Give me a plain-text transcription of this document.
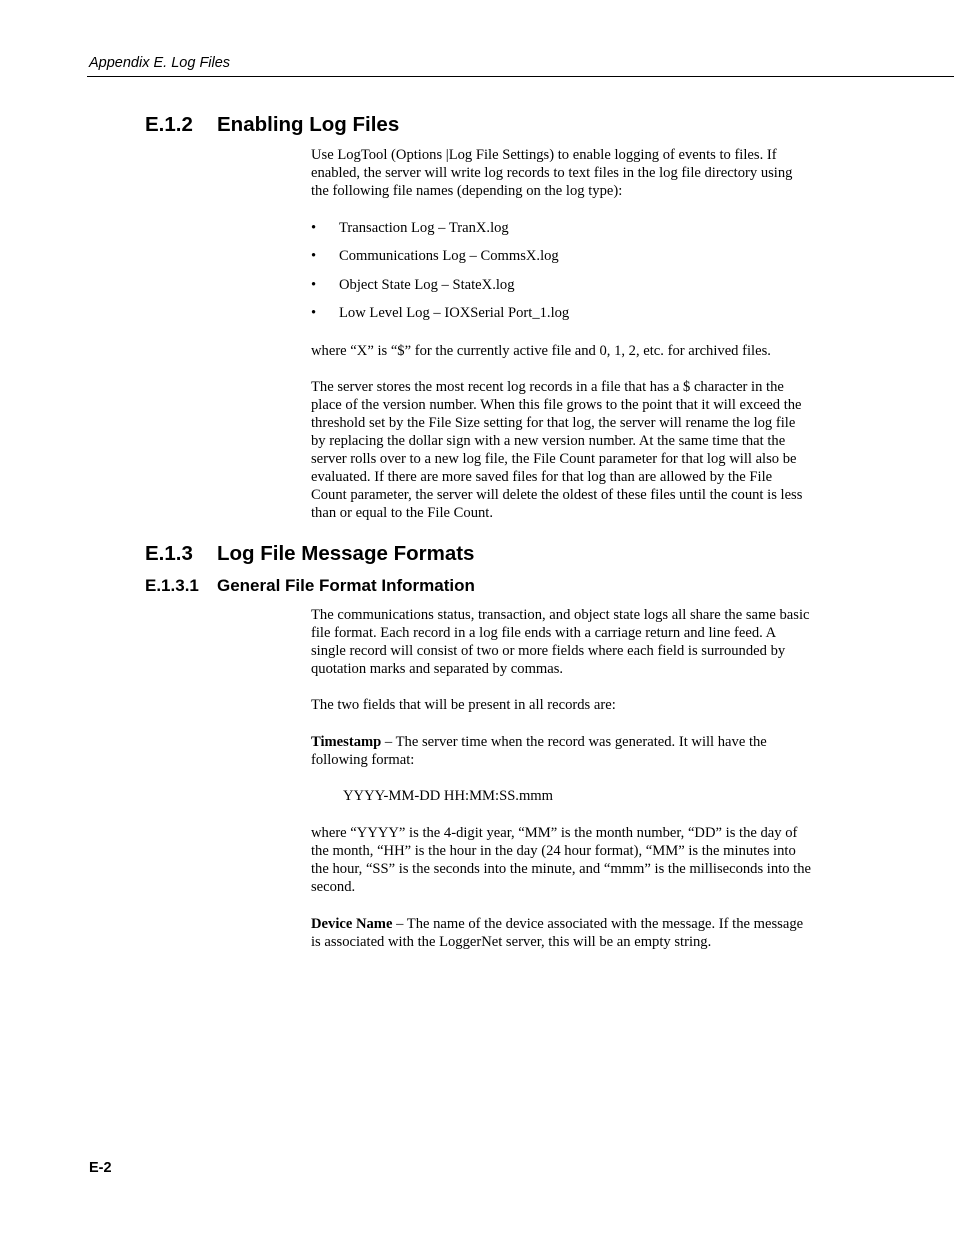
Appendix E. Log Files
E.1.2 Enabling Log Files

Use LogTool (Options |Log File Settings) to enable logging of events to files. If enabled, the server will write log records to text files in the log file directory using the following file names (depending on the log type):

• Transaction Log – TranX.log
• Communications Log – CommsX.log
• Object State Log – StateX.log
• Low Level Log – IOXSerial Port_1.log

where “X” is “$” for the currently active file and 0, 1, 2, etc. for archived files.

The server stores the most recent log records in a file that has a $ character in the place of the version number. When this file grows to the point that it will exceed the threshold set by the File Size setting for that log, the server will rename the log file by replacing the dollar sign with a new version number. At the same time that the server rolls over to a new log file, the File Count parameter for that log will also be evaluated. If there are more saved files for that log than are allowed by the File Count parameter, the server will delete the oldest of these files until the count is less than or equal to the File Count.

E.1.3 Log File Message Formats
E.1.3.1 General File Format Information

The communications status, transaction, and object state logs all share the same basic file format. Each record in a log file ends with a carriage return and line feed. A single record will consist of two or more fields where each field is surrounded by quotation marks and separated by commas.

The two fields that will be present in all records are:

Timestamp – The server time when the record was generated. It will have the following format:

YYYY-MM-DD HH:MM:SS.mmm

where “YYYY” is the 4-digit year, “MM” is the month number, “DD” is the day of the month, “HH” is the hour in the day (24 hour format), “MM” is the minutes into the hour, “SS” is the seconds into the minute, and “mmm” is the milliseconds into the second.

Device Name – The name of the device associated with the message. If the message is associated with the LoggerNet server, this will be an empty string.

E-2
